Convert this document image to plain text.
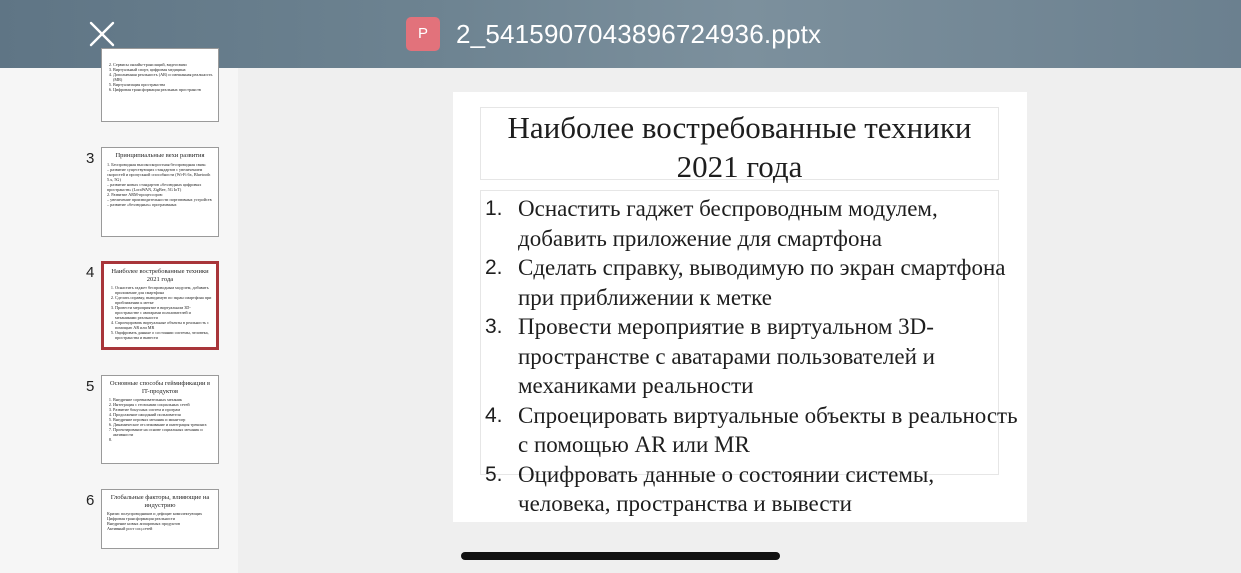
P	2_5415907043896724936.pptx
2. Сервисы онлайн-трансляций, видеосвязи
3. Виртуальный спорт, цифровая медицина
4. Дополненная реальность (AR) и смешанная реальность (MR)
5. Виртуализация пространства
6. Цифровая трансформация реальных пространств
3	Принципиальные вехи развития
1. Беспроводная высокоскоростная беспроводная связь:
– развитие существующих стандартов с увеличением скоростей и пропускной способности (Wi-Fi 6x, Bluetooth 5.x, 5G)
– развитие новых стандартов «безлюдных цифровых пространств» (LoraWAN, ZigBee, 5G IoT)
2. Развитие ARM-процессоров:
– увеличение производительности портативных устройств
– развитие «безлюдных» программных
4	Наиболее востребованные техники 2021 года
1. Оснастить гаджет беспроводным модулем, добавить приложение для смартфона
2. Сделать справку, выводимую по экран смартфона при приближении к метке
3. Провести мероприятие в виртуальном 3D-пространстве с аватарами пользователей и механиками реальности
4. Спроецировать виртуальные объекты в реальность с помощью AR или MR
5. Оцифровать данные о состоянии системы, человека, пространства и вывести
5	Основные способы геймификации в IT-продуктов
1. Внедрение соревновательных механик
2. Интеграция с геозонами социальных сетей
3. Развитие бонусных систем и програм
4. Продолжение ожиданий пользователя
5. Внедрение игровых механик и мини-игр
6. Динамическое отслеживание и интеграция трекинга
7. Проектирование на основе социальных механик и активности
8.
6	Глобальные факторы, влияющие на индустрию
Кризис полупроводников и дефицит комплектующих
Цифровая трансформация реальности
Внедрение новых аппаратных продуктов
Активный рост соц.сетей
Наиболее востребованные техники 2021 года
1. Оснастить гаджет беспроводным модулем, добавить приложение для смартфона
2. Сделать справку, выводимую по экран смартфона при приближении к метке
3. Провести мероприятие в виртуальном 3D-пространстве с аватарами пользователей и механиками реальности
4. Спроецировать виртуальные объекты в реальность с помощью AR или MR
5. Оцифровать данные о состоянии системы, человека, пространства и вывести
